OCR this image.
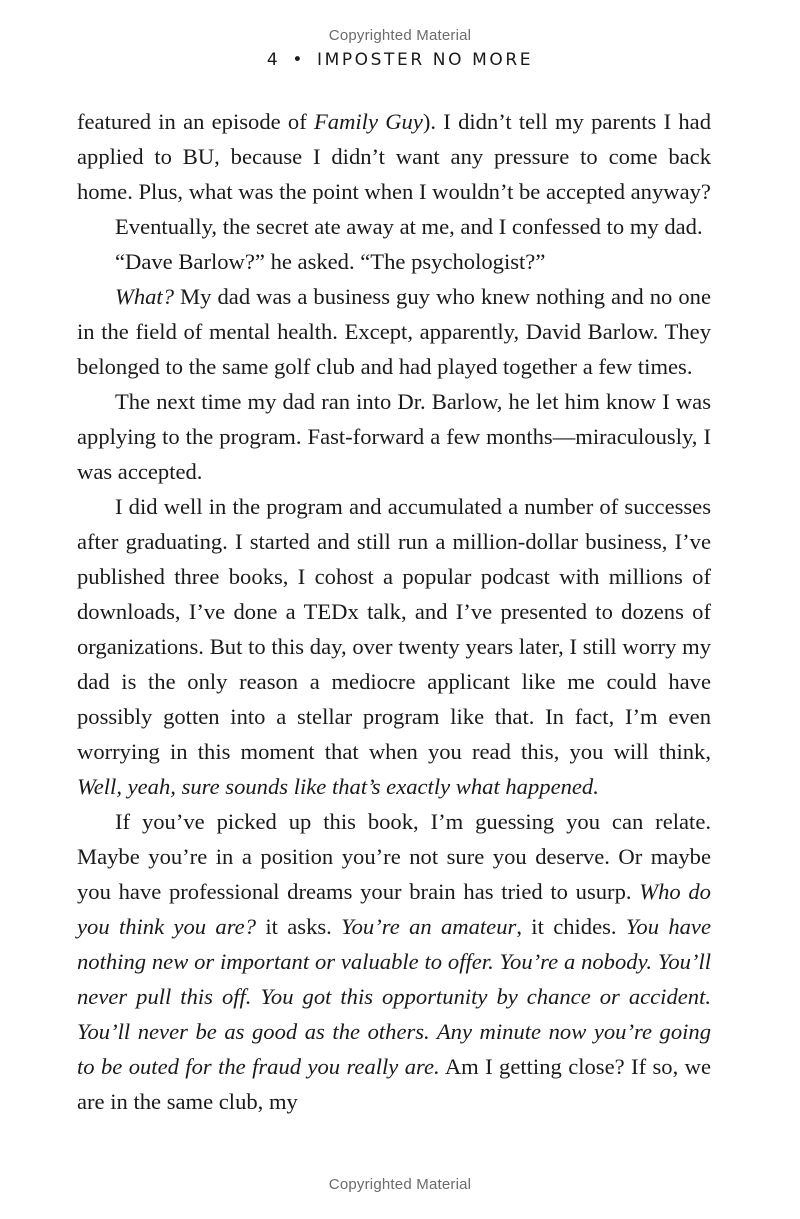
Copyrighted Material
4 • IMPOSTER NO MORE

featured in an episode of Family Guy). I didn’t tell my parents I had applied to BU, because I didn’t want any pressure to come back home. Plus, what was the point when I wouldn’t be accepted anyway?

Eventually, the secret ate away at me, and I confessed to my dad.

“Dave Barlow?” he asked. “The psychologist?”

What? My dad was a business guy who knew nothing and no one in the field of mental health. Except, apparently, David Barlow. They belonged to the same golf club and had played together a few times.

The next time my dad ran into Dr. Barlow, he let him know I was applying to the program. Fast-forward a few months—miraculously, I was accepted.

I did well in the program and accumulated a number of successes after graduating. I started and still run a million-dollar business, I’ve published three books, I cohost a popular podcast with millions of downloads, I’ve done a TEDx talk, and I’ve presented to dozens of organizations. But to this day, over twenty years later, I still worry my dad is the only reason a mediocre applicant like me could have possibly gotten into a stellar program like that. In fact, I’m even worrying in this moment that when you read this, you will think, Well, yeah, sure sounds like that’s exactly what happened.

If you’ve picked up this book, I’m guessing you can relate. Maybe you’re in a position you’re not sure you deserve. Or maybe you have professional dreams your brain has tried to usurp. Who do you think you are? it asks. You’re an amateur, it chides. You have nothing new or important or valuable to offer. You’re a nobody. You’ll never pull this off. You got this opportunity by chance or accident. You’ll never be as good as the others. Any minute now you’re going to be outed for the fraud you really are. Am I getting close? If so, we are in the same club, my

Copyrighted Material
